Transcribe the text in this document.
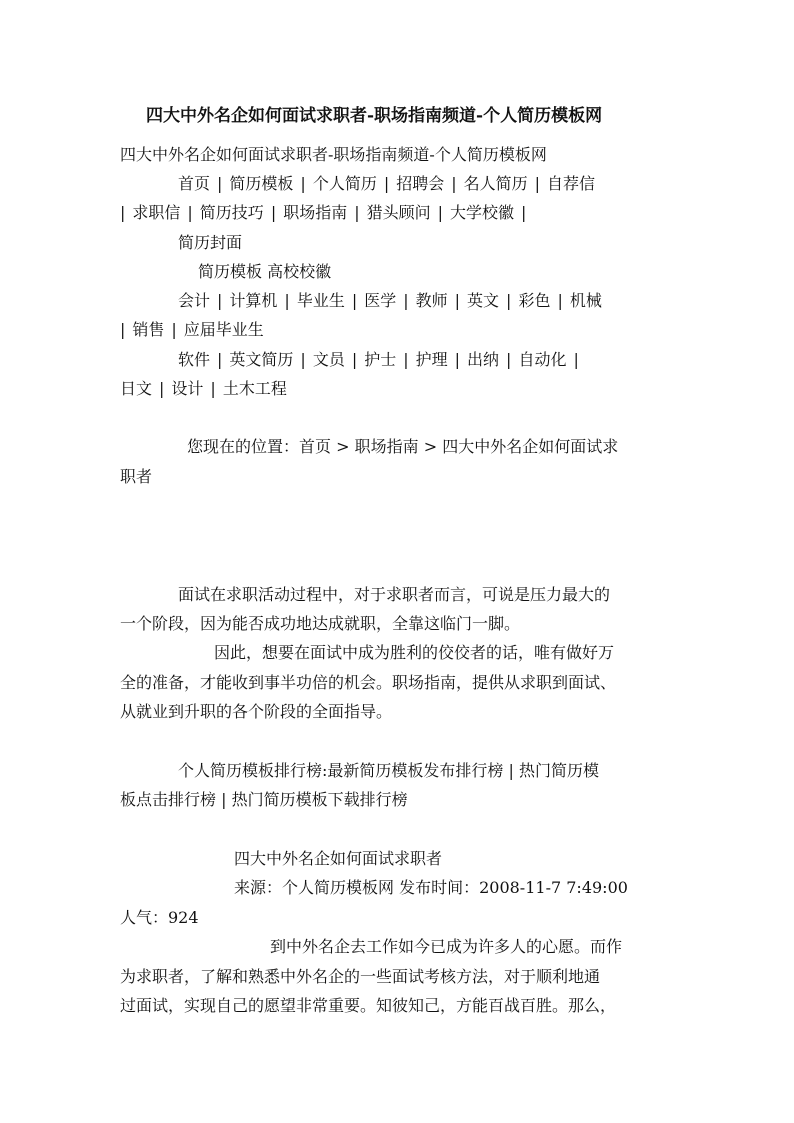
四大中外名企如何面试求职者-职场指南频道-个人简历模板网
四大中外名企如何面试求职者-职场指南频道-个人简历模板网
首页 | 简历模板 | 个人简历 | 招聘会 | 名人简历 | 自荐信
| 求职信 | 简历技巧 | 职场指南 | 猎头顾问 | 大学校徽 |
简历封面
简历模板 高校校徽
会计 | 计算机 | 毕业生 | 医学 | 教师 | 英文 | 彩色 | 机械
| 销售 | 应届毕业生
软件 | 英文简历 | 文员 | 护士 | 护理 | 出纳 | 自动化 |
日文 | 设计 | 土木工程
您现在的位置：首页 > 职场指南 > 四大中外名企如何面试求
职者
面试在求职活动过程中，对于求职者而言，可说是压力最大的
一个阶段，因为能否成功地达成就职，全靠这临门一脚。
因此，想要在面试中成为胜利的佼佼者的话，唯有做好万
全的准备，才能收到事半功倍的机会。职场指南，提供从求职到面试、
从就业到升职的各个阶段的全面指导。
个人简历模板排行榜:最新简历模板发布排行榜 | 热门简历模
板点击排行榜 | 热门简历模板下载排行榜
四大中外名企如何面试求职者
来源：个人简历模板网 发布时间：2008-11-7 7:49:00
人气：924
到中外名企去工作如今已成为许多人的心愿。而作
为求职者，了解和熟悉中外名企的一些面试考核方法，对于顺利地通
过面试，实现自己的愿望非常重要。知彼知己，方能百战百胜。那么，
